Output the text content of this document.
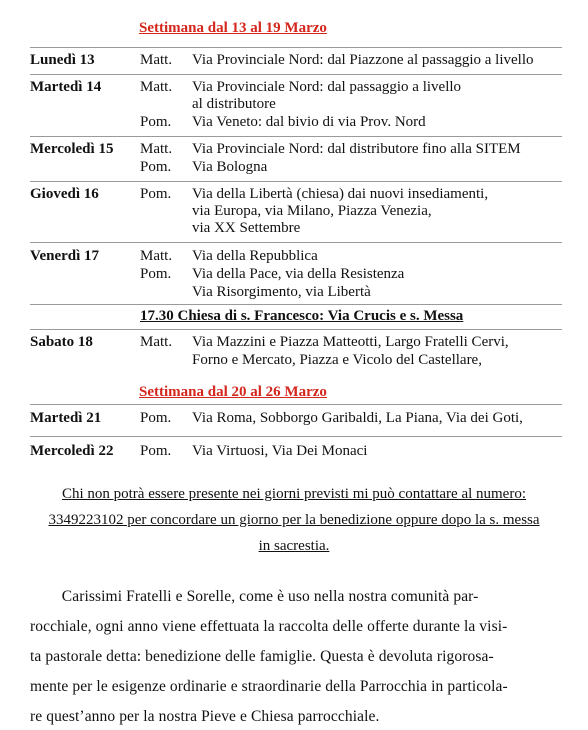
Settimana dal 13 al 19 Marzo
Lunedì 13	Matt. Via Provinciale Nord: dal Piazzone al passaggio a livello
Martedì 14	Matt. Via Provinciale Nord: dal passaggio a livello
al distributore
Pom. Via Veneto: dal bivio di via Prov. Nord
Mercoledì 15 Matt. Via Provinciale Nord: dal distributore fino alla SITEM
Pom. Via Bologna
Giovedì 16	Pom. Via della Libertà (chiesa) dai nuovi insediamenti,
via Europa, via Milano, Piazza Venezia,
via XX Settembre
Venerdì 17	Matt. Via della Repubblica
Pom. Via della Pace, via della Resistenza
Via Risorgimento, via Libertà
17.30 Chiesa di s. Francesco: Via Crucis e s. Messa
Sabato 18	Matt. Via Mazzini e Piazza Matteotti, Largo Fratelli Cervi,
Forno e Mercato, Piazza e Vicolo del Castellare,
Settimana dal 20 al 26 Marzo
Martedì 21	Pom. Via Roma, Sobborgo Garibaldi, La Piana, Via dei Goti,
Mercoledì 22 Pom. Via Virtuosi, Via Dei Monaci
Chi non potrà essere presente nei giorni previsti mi può contattare al numero:
3349223102 per concordare un giorno per la benedizione oppure dopo la s. messa
in sacrestia.
Carissimi Fratelli e Sorelle, come è uso nella nostra comunità par-
rocchiale, ogni anno viene effettuata la raccolta delle offerte durante la visi-
ta pastorale detta: benedizione delle famiglie. Questa è devoluta rigorosa-
mente per le esigenze ordinarie e straordinarie della Parrocchia in particola-
re quest’anno per la nostra Pieve e Chiesa parrocchiale.
